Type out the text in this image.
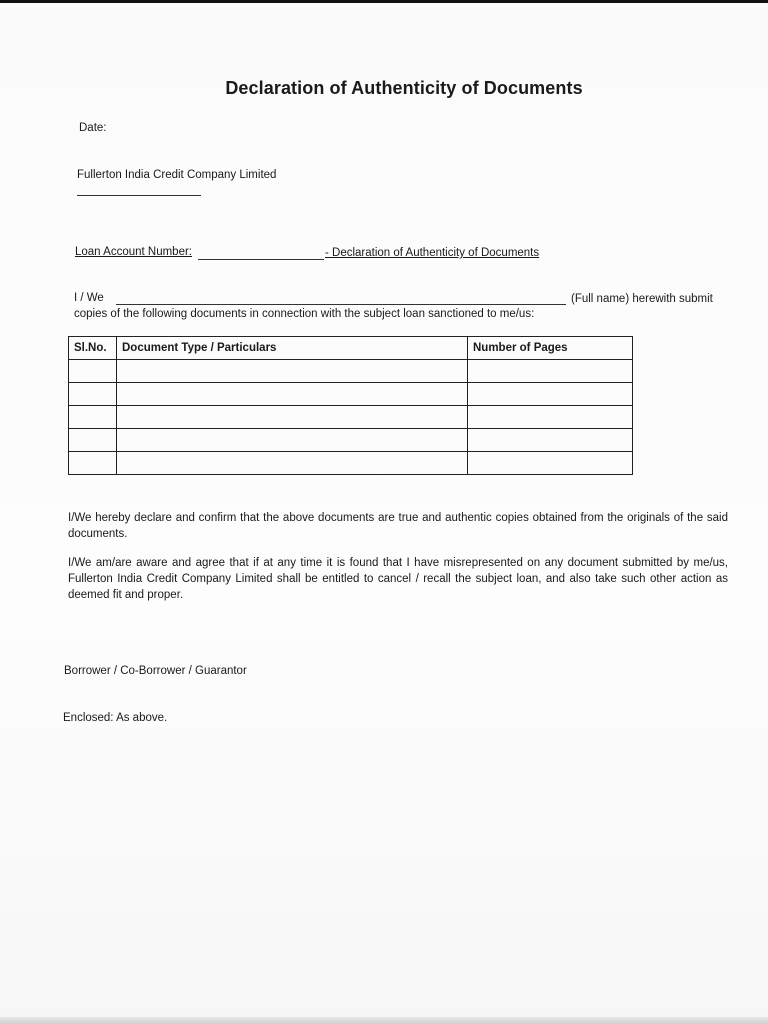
Declaration of Authenticity of Documents
Date:
Fullerton India Credit Company Limited
Loan Account Number:	- Declaration of Authenticity of Documents
I / We	(Full name) herewith submit
copies of the following documents in connection with the subject loan sanctioned to me/us:
Sl.No.	Document Type / Particulars	Number of Pages

I/We hereby declare and confirm that the above documents are true and authentic copies obtained from the originals of the said documents.
I/We am/are aware and agree that if at any time it is found that I have misrepresented on any document submitted by me/us, Fullerton India Credit Company Limited shall be entitled to cancel / recall the subject loan, and also take such other action as deemed fit and proper.
Borrower / Co-Borrower / Guarantor
Enclosed: As above.
